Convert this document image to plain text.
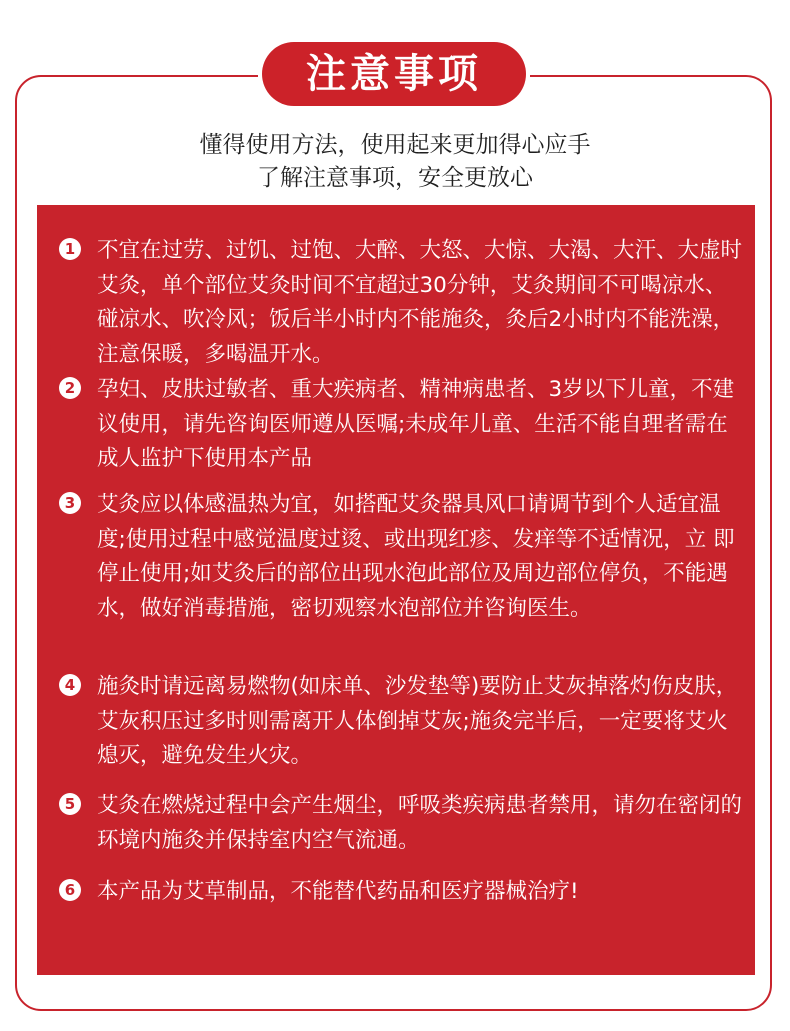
注意事项
懂得使用方法，使用起来更加得心应手
了解注意事项，安全更放心
1 不宜在过劳、过饥、过饱、大醉、大怒、大惊、大渴、大汗、大虚时艾灸，单个部位艾灸时间不宜超过30分钟，艾灸期间不可喝凉水、碰凉水、吹冷风；饭后半小时内不能施灸，灸后2小时内不能洗澡，注意保暖，多喝温开水。
2 孕妇、皮肤过敏者、重大疾病者、精神病患者、3岁以下儿童，不建议使用，请先咨询医师遵从医嘱;未成年儿童、生活不能自理者需在成人监护下使用本产品
3 艾灸应以体感温热为宜，如搭配艾灸器具风口请调节到个人适宜温度;使用过程中感觉温度过烫、或出现红疹、发痒等不适情况，立 即停止使用;如艾灸后的部位出现水泡此部位及周边部位停负，不能遇水，做好消毒措施，密切观察水泡部位并咨询医生。
4 施灸时请远离易燃物(如床单、沙发垫等)要防止艾灰掉落灼伤皮肤，艾灰积压过多时则需离开人体倒掉艾灰;施灸完半后，一定要将艾火熄灭，避免发生火灾。
5 艾灸在燃烧过程中会产生烟尘，呼吸类疾病患者禁用，请勿在密闭的环境内施灸并保持室内空气流通。
6 本产品为艾草制品，不能替代药品和医疗器械治疗!
